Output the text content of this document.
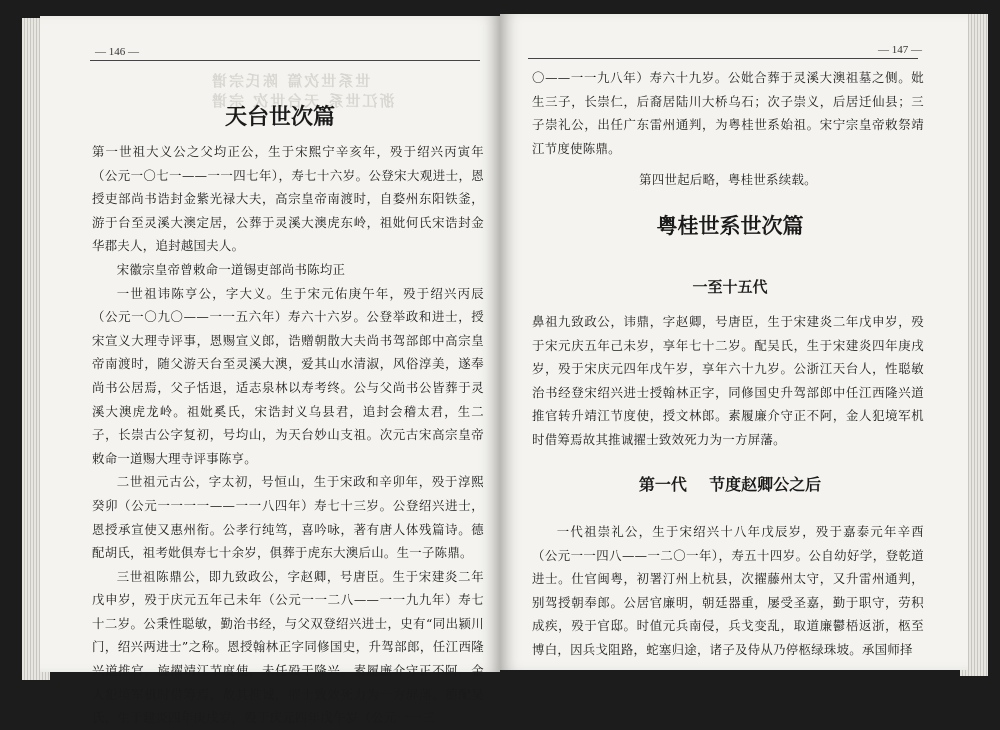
世系世次篇 陈氏宗谱
浙江世系 天台世次 宗谱
— 146 —
天台世次篇

第一世祖大义公之父均正公，生于宋熙宁辛亥年，殁于绍兴丙寅年（公元一〇七一——一一四七年），寿七十六岁。公登宋大观进士，恩授吏部尚书诰封金紫光禄大夫，高宗皇帝南渡时，自婺州东阳铁釜，游于台至灵溪大澳定居，公葬于灵溪大澳虎东岭，祖妣何氏宋诰封金华郡夫人，追封越国夫人。

宋徽宗皇帝曾敕命一道锡吏部尚书陈均正

一世祖讳陈亨公，字大义。生于宋元佑庚午年，殁于绍兴丙辰（公元一〇九〇——一一五六年）寿六十六岁。公登举政和进士，授宋宣义大理寺评事，恩赐宣义郎，诰赠朝散大夫尚书驾部郎中高宗皇帝南渡时，随父游天台至灵溪大澳，爱其山水清淑，风俗淳美，遂奉尚书公居焉，父子恬退，适志泉林以寿考终。公与父尚书公皆葬于灵溪大澳虎龙岭。祖妣奚氏，宋诰封义乌县君，追封会稽太君，生二子，长崇古公字复初，号均山，为天台妙山支祖。次元古宋高宗皇帝敕命一道赐大理寺评事陈亨。

二世祖元古公，字太初，号恒山，生于宋政和辛卯年，殁于淳熙癸卯（公元一一一一——一一八四年）寿七十三岁。公登绍兴进士，恩授承宣使又惠州衔。公孝行纯笃，喜吟咏，著有唐人体残篇诗。德配胡氏，祖考妣俱寿七十余岁，俱葬于虎东大澳后山。生一子陈鼎。

三世祖陈鼎公，即九致政公，字赵卿，号唐臣。生于宋建炎二年戊申岁，殁于庆元五年己未年（公元一一二八——一一九九年）寿七十二岁。公秉性聪敏，勤治书经，与父双登绍兴进士，史有“同出颍川门，绍兴两进士”之称。恩授翰林正字同修国史，升驾部郎，任江西隆兴道推官，旋擢靖江节度使，未任殁于隆兴。素履廉介守正不阿，金人犯境军机时借筹焉，故其推诚，擢士致效死力为一方屏藩。德配吴氏，生于建炎四年庚戌岁，殁于庆元四年戊午岁（公元一一三

— 147 —

〇——一一九八年）寿六十九岁。公妣合葬于灵溪大澳祖墓之侧。妣生三子，长崇仁，后裔居陆川大桥乌石；次子崇义，后居迁仙县；三子崇礼公，出任广东雷州通判，为粤桂世系始祖。宋宁宗皇帝敕祭靖江节度使陈鼎。

第四世起后略，粤桂世系续载。

粤桂世系世次篇
一至十五代

鼻祖九致政公，讳鼎，字赵卿，号唐臣，生于宋建炎二年戊申岁，殁于宋元庆五年己未岁，享年七十二岁。配吴氏，生于宋建炎四年庚戌岁，殁于宋庆元四年戊午岁，享年六十九岁。公浙江天台人，性聪敏治书经登宋绍兴进士授翰林正字，同修国史升驾部郎中任江西隆兴道推官转升靖江节度使，授文林郎。素履廉介守正不阿，金人犯境军机时借筹焉故其推诚擢士致效死力为一方屏藩。

第一代    节度赵卿公之后

一代祖崇礼公，生于宋绍兴十八年戊辰岁，殁于嘉泰元年辛酉（公元一一四八——一二〇一年），寿五十四岁。公自幼好学，登乾道进士。仕官闽粤，初署汀州上杭县，次擢藤州太守，又升雷州通判，别驾授朝奉郎。公居官廉明，朝廷器重，屡受圣嘉，勤于职守，劳积成疾，殁于官邸。时值元兵南侵，兵戈变乱，取道廉鬱梧返浙，柩至博白，因兵戈阻路，蛇塞归途，诸子及侍从乃停柩绿珠坡。承国师择
